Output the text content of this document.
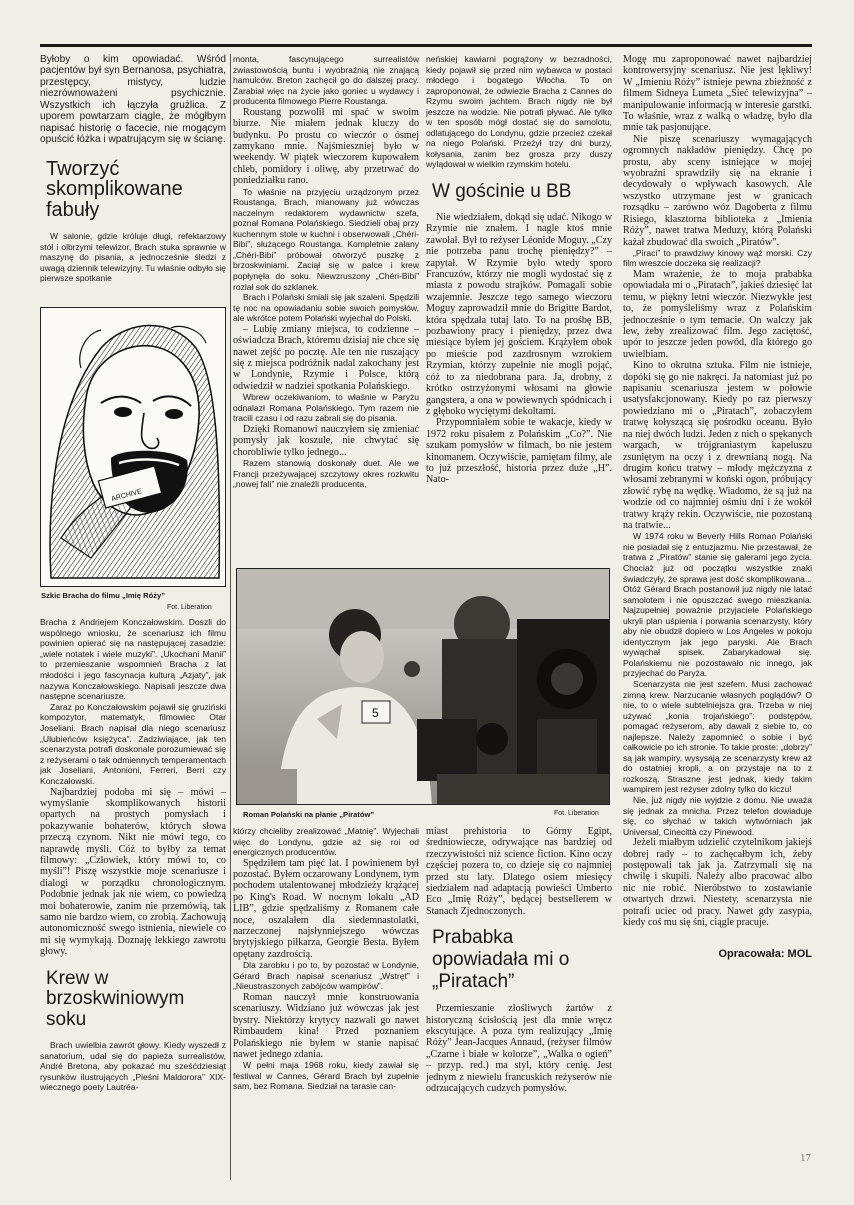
Byłoby o kim opowiadać. Wśród pacjentów był syn Bernanosa, psychiatra, przestępcy, mistycy, ludzie niezrównoważeni psychicznie. Wszystkich ich łączyła grużlica. Z uporem powtarzam ciągle, że mógłbym napisać historię o facecie, nie mogącym opuścić łóżka i wpatrującym się w ścianę.

Tworzyć skomplikowane fabuły

W salonie, gdzie króluje długi, refektarzowy stół i olbrzymi telewizor, Brach stuka sprawnie w maszynę do pisania, a jednocześnie śledzi z uwagą dziennik telewizyjny. Tu właśnie odbyło się pierwsze spotkanie

ARCHIVE
Szkic Bracha do filmu „Imię Róży”
Fot. Liberation

Bracha z Andriejem Konczałowskim. Doszli do wspólnego wniosku, że scenariusz ich filmu powinien opierać się na następującej zasadzie: „wiele notatek i wiele muzyki”. „Ukochani Manii” to przemieszanie wspomnień Bracha z lat młodości i jego fascynacja kulturą „Azjaty”, jak nazywa Konczałowskiego. Napisali jeszcze dwa następne scenariusze.

Zaraz po Konczałowskim pojawił się gruziński kompozytor, matematyk, filmowiec Otar Joseliani. Brach napisał dla niego scenariusz „Ulubieńców księżyca”. Zadziwiające, jak ten scenarzysta potrafi doskonale porozumiewać się z reżyserami o tak odmiennych temperamentach jak Joseliani, Antonioni, Ferreri, Berri czy Konczałowski.

Najbardziej podoba mi się – mówi – wymyślanie skomplikowanych historii opartych na prostych pomysłach i pokazywanie bohaterów, których słowa przeczą czynom. Nikt nie mówi tego, co naprawdę myśli. Cóż to byłby za temat filmowy: „Człowiek, który mówi to, co myśli”! Piszę wszystkie moje scenariusze i dialogi w porządku chronologicznym. Podobnie jednak jak nie wiem, co powiedzą moi bohaterowie, zanim nie przemówią, tak samo nie bardzo wiem, co zrobią. Zachowują autonomiczność swego istnienia, niewiele co mi się wymykają. Doznaję lekkiego zawrotu głowy.

Krew w brzoskwiniowym soku

Brach uwielbia zawrót głowy. Kiedy wyszedł z sanatorium, udał się do papieża surrealistów, André Bretona, aby pokazać mu sześćdziesiąt rysunków ilustrujących „Pieśni Maldorora” XIX-wiecznego poety Lautréa-

monta, fascynującego surrealistów zwiastowością buntu i wyobraźnią nie znającą hamulców. Breton zachęcił go do dalszej pracy. Zarabiał więc na życie jako goniec u wydawcy i producenta filmowego Pierre Roustanga.

Roustang pozwolił mi spać w swoim biurze. Nie miałem jednak kluczy do budynku. Po prostu co wieczór o ósmej zamykano mnie. Najśmieszniej było w weekendy. W piątek wieczorem kupowałem chleb, pomidory i oliwę, aby przetrwać do poniedziałku rano.

To właśnie na przyjęciu urządzonym przez Roustanga, Brach, mianowany już wówczas naczelnym redaktorem wydawnictw szefa, poznał Romana Polańskiego. Siedzieli obaj przy kuchennym stole w kuchni i obserwowali „Chéri-Bibi”, służącego Roustanga. Kompletnie zalany „Chéri-Bibi” próbował otworzyć puszkę z brzoskwiniami. Zaciął się w palce i krew popłynęła do soku. Niewzruszony „Chéri-Bibi” rozlał sok do szklanek.

Brach i Polański śmiali się jak szaleni. Spędzili tę noc na opowiadaniu sobie swoich pomysłów, ale wkrótce potem Polański wyjechał do Polski.

– Lubię zmiany miejsca, to codzienne – oświadcza Brach, któremu dzisiaj nie chce się nawet zejść po pocztę. Ale ten nie ruszający się z miejsca podróżnik nadal zakochany jest w Londynie, Rzymie i Polsce, którą odwiedził w nadziei spotkania Polańskiego.

Wbrew oczekiwaniom, to właśnie w Paryżu odnalazł Romana Polańskiego. Tym razem nie tracili czasu i od razu zabrali się do pisania.

Dzięki Romanowi nauczyłem się zmieniać pomysły jak koszule, nie chwytać się chorobliwie tylko jednego...

Razem stanowią doskonały duet. Ale we Francji przeżywającej szczytowy okres rozkwitu „nowej fali” nie znaleźli producenta,

neńskiej kawiarni pogrążony w bezradności, kiedy pojawił się przed nim wybawca w postaci młodego i bogatego Włocha. To on zaproponował, że odwiezie Bracha z Cannes do Rzymu swoim jachtem. Brach nigdy nie był jeszcze na wodzie. Nie potrafi pływać. Ale tylko w ten sposób mógł dostać się do samolotu, odlatującego do Londynu, gdzie przecież czekał na niego Polański. Przeżył trzy dni burzy, kołysania, zanim bez grosza przy duszy wylądował w wielkim rzymskim hotelu.

W gościnie u BB

Nie wiedziałem, dokąd się udać. Nikogo w Rzymie nie znałem. I nagle ktoś mnie zawołał. Był to reżyser Léonide Moguy. „Czy nie potrzeba panu trochę pieniędzy?” – zapytał. W Rzymie było wtedy sporo Francuzów, którzy nie mogli wydostać się z miasta z powodu strajków. Pomagali sobie wzajemnie. Jeszcze tego samego wieczoru Moguy zaprowadził mnie do Brigitte Bardot, która spędzała tutaj lato. To na prośbę BB, pozbawiony pracy i pieniędzy, przez dwa miesiące byłem jej gościem. Krążyłem obok po mieście pod zazdrosnym wzrokiem Rzymian, którzy zupełnie nie mogli pojąć, cóż to za niedobrana para. Ja, drobny, z krótko ostrzyżonymi włosami na głowie gangstera, a ona w powiewnych spódnicach i z głęboko wyciętymi dekoltami.

Przypomniałem sobie te wakacje, kiedy w 1972 roku pisałem z Polańskim „Co?”. Nie szukam pomysłów w filmach, bo nie jestem kinomanem. Oczywiście, pamiętam filmy, ale to już przeszłość, historia przez duże „H”. Nato-

Mogę mu zaproponować nawet najbardziej kontrowersyjny scenariusz. Nie jest lękliwy! W „Imieniu Róży” istnieje pewna zbieżność z filmem Sidneya Lumeta „Sieć telewizyjna” – manipulowanie informacją w interesie garstki. To właśnie, wraz z walką o władzę, było dla mnie tak pasjonujące.

Nie piszę scenariuszy wymagających ogromnych nakładów pieniędzy. Chcę po prostu, aby sceny istniejące w mojej wyobraźni sprawdziły się na ekranie i decydowały o wpływach kasowych. Ale wszystko utrzymane jest w granicach rozsądku – zarówno wóz Dagoberta z filmu Risiego, klasztorna biblioteka z „Imienia Róży”, nawet tratwa Meduzy, którą Polański każał zbudować dla swoich „Piratów”.

„Piraci” to prawdziwy kinowy wąż morski. Czy film wreszcie doczeka się realizacji?

Mam wrażenie, że to moja prababka opowiadała mi o „Piratach”, jakieś dziesięć lat temu, w piękny letni wieczór. Niezwykłe jest to, że pomyśleliśmy wraz z Polańskim jednocześnie o tym temacie. On walczy jak lew, żeby zrealizować film. Jego zaciętość, upór to jeszcze jeden powód, dla którego go uwielbiam.

Kino to okrutna sztuka. Film nie istnieje, dopóki się go nie nakręci. Ja natomiast już po napisaniu scenariusza jestem w połowie usatysfakcjonowany. Kiedy po raz pierwszy powiedziano mi o „Piratach”, zobaczyłem tratwę kołyszącą się pośrodku oceanu. Było na niej dwóch ludzi. Jeden z nich o spękanych wargach, w trójgraniastym kapeluszu zsuniętym na oczy i z drewnianą nogą. Na drugim końcu tratwy – młody mężczyzna z włosami zebranymi w koński ogon, próbujący złowić rybę na wędkę. Wiadomo, że są już na wodzie od co najmniej ośmiu dni i że wokół tratwy krąży rekin. Oczywiście, nie pozostaną na tratwie...

W 1974 roku w Beverly Hills Roman Polański nie posiadał się z entuzjazmu. Nie przestawał, że tratwa z „Piratów” stanie się galerami jego życia. Chociaż już od początku wszystkie znaki świadczyły, że sprawa jest dość skomplikowana... Otóż Gérard Brach postanowił już nigdy nie latać samolotem i nie opuszczać swego mieszkania. Najzupełniej poważnie przyjaciele Polańskiego ukryli plan uśpienia i porwania scenarzysty, który aby nie obudził dopiero w Los Angeles w pokoju identycznym jak jego paryski. Ale Brach wywąchał spisek. Zabarykadował się. Polańskiemu nie pozostawało nic innego, jak przyjechać do Paryża.

Scenarzysta nie jest szefem. Musi zachować zimną krew. Narzucanie własnych poglądów? O nie, to o wiele subtelniejsza gra. Trzeba w niej używać „konia trojańskiego”: podstępów, pomagać reżyserom, aby dawali z siebie to, co najlepsze. Należy zapomnieć o sobie i być całkowicie po ich stronie. To takie proste: „dobrzy” są jak wampiry, wysysają ze scenarzysty krew aż do ostatniej kropli, a on przystaje na to z rozkoszą. Straszne jest jednak, kiedy takim wampirem jest reżyser zdolny tylko do kiczu!

Nie, już nigdy nie wyjdzie z domu. Nie uważa się jednak za mnicha. Przez telefon dowiaduje się, co słychać w takich wytwórniach jak Universal, Cinecittà czy Pinewood.

Jeżeli miałbym udzielić czytelnikom jakiejś dobrej rady – to zachęcałbym ich, żeby postępowali tak jak ja. Zatrzymali się na chwilę i skupili. Należy albo pracować albo nic nie robić. Nieróbstwo to zostawianie otwartych drzwi. Niestety, scenarzysta nie potrafi uciec od pracy. Nawet gdy zasypia, kiedy coś mu się śni, ciągle pracuje.

Opracowała: MOL
5
Roman Polański na planie „Piratów”	Fot. Liberation

którzy chcieliby zrealizować „Matnię”. Wyjechali więc do Londynu, gdzie aż się roi od energicznych producentów.

Spędziłem tam pięć lat. I powinienem był pozostać. Byłem oczarowany Londynem, tym pochodem utalentowanej młodzieży krążącej po King's Road. W nocnym lokalu „AD LIB”, gdzie spędzaliśmy z Romanem całe noce, oszalałem dla siedemnastolatki, narzeczonej najsłynniejszego wówczas brytyjskiego piłkarza, Georgie Besta. Byłem opętany zazdrością.

Dla zarobku i po to, by pozostać w Londynie, Gérard Brach napisał scenariusz „Wstręt” i „Nieustraszonych zabójców wampirów”.

Roman nauczył mnie konstruowania scenariuszy. Widziano już wówczas jak jest bystry. Niektórzy krytycy nazwali go nawet Rimbaudem kina! Przed poznaniem Polańskiego nie byłem w stanie napisać nawet jednego zdania.

W pełni maja 1968 roku, kiedy zawiał się festiwal w Cannes, Gérard Brach był zupełnie sam, bez Romana. Siedział na tarasie can-

miast prehistoria to Górny Egipt, średniowiecze, odrywające nas bardziej od rzeczywistości niż science fiction. Kino oczy częściej pozera to, co dzieje się co najmniej przed stu laty. Dlatego osiem miesięcy siedziałem nad adaptacją powieści Umberto Eco „Imię Róży”, będącej bestsellerem w Stanach Zjednoczonych.

Prababka opowiadała mi o „Piratach”

Przemieszanie złośliwych żartów z historyczną ścisłością jest dla mnie wręcz ekscytujące. A poza tym realizujący „Imię Róży” Jean-Jacques Annaud, (reżyser filmów „Czarne i białe w kolorze”, „Walka o ogień” – przyp. red.) ma styl, który cenię. Jest jednym z niewielu francuskich reżyserów nie odrzucających cudzych pomysłów.

17
